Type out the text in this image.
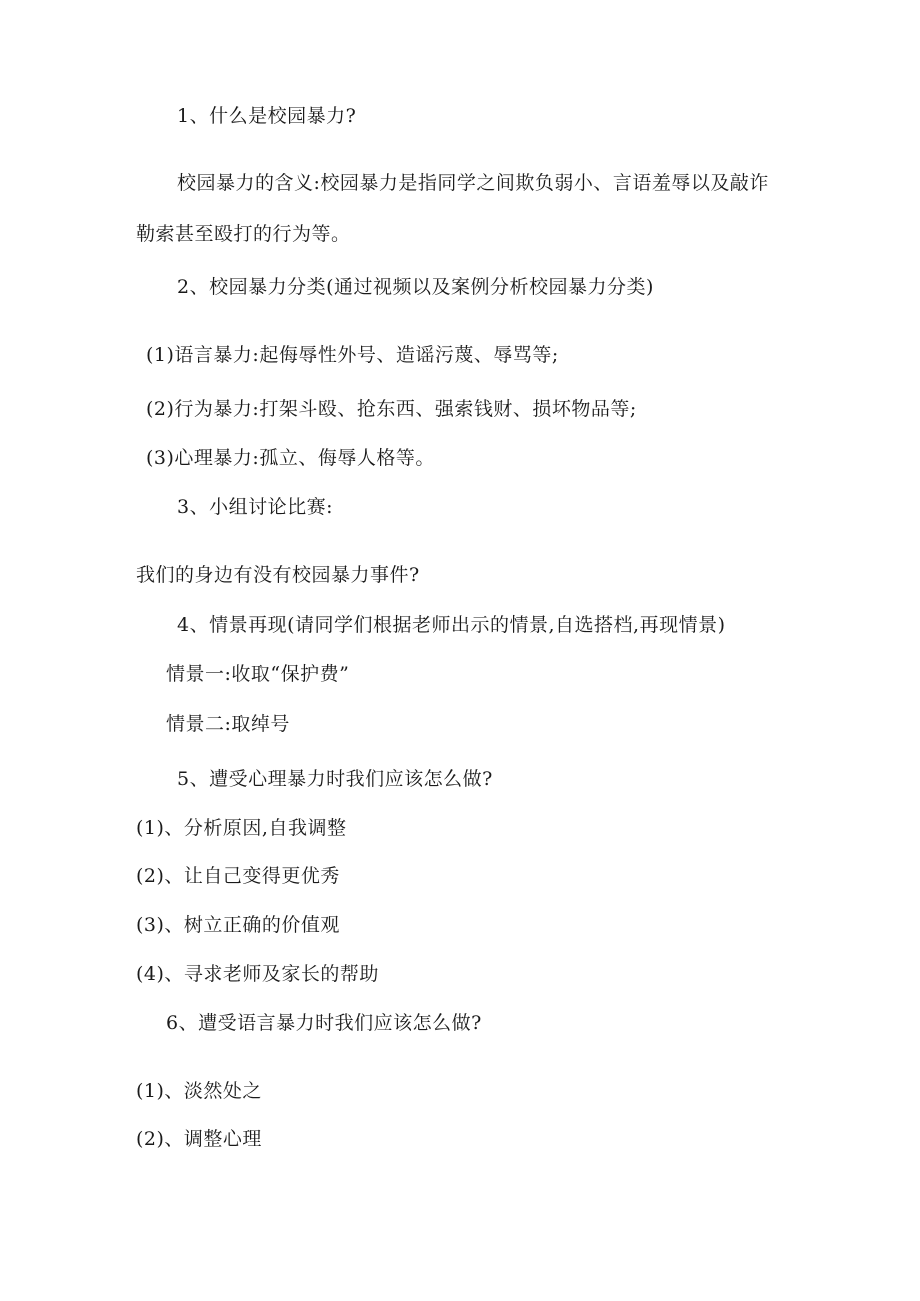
1、什么是校园暴力?
校园暴力的含义:校园暴力是指同学之间欺负弱小、言语羞辱以及敲诈
勒索甚至殴打的行为等。
2、校园暴力分类(通过视频以及案例分析校园暴力分类)
(1)语言暴力:起侮辱性外号、造谣污蔑、辱骂等;
(2)行为暴力:打架斗殴、抢东西、强索钱财、损坏物品等;
(3)心理暴力:孤立、侮辱人格等。
3、小组讨论比赛:
我们的身边有没有校园暴力事件?
4、情景再现(请同学们根据老师出示的情景,自选搭档,再现情景)
情景一:收取“保护费”
情景二:取绰号
5、遭受心理暴力时我们应该怎么做?
(1)、分析原因,自我调整
(2)、让自己变得更优秀
(3)、树立正确的价值观
(4)、寻求老师及家长的帮助
6、遭受语言暴力时我们应该怎么做?
(1)、淡然处之
(2)、调整心理
